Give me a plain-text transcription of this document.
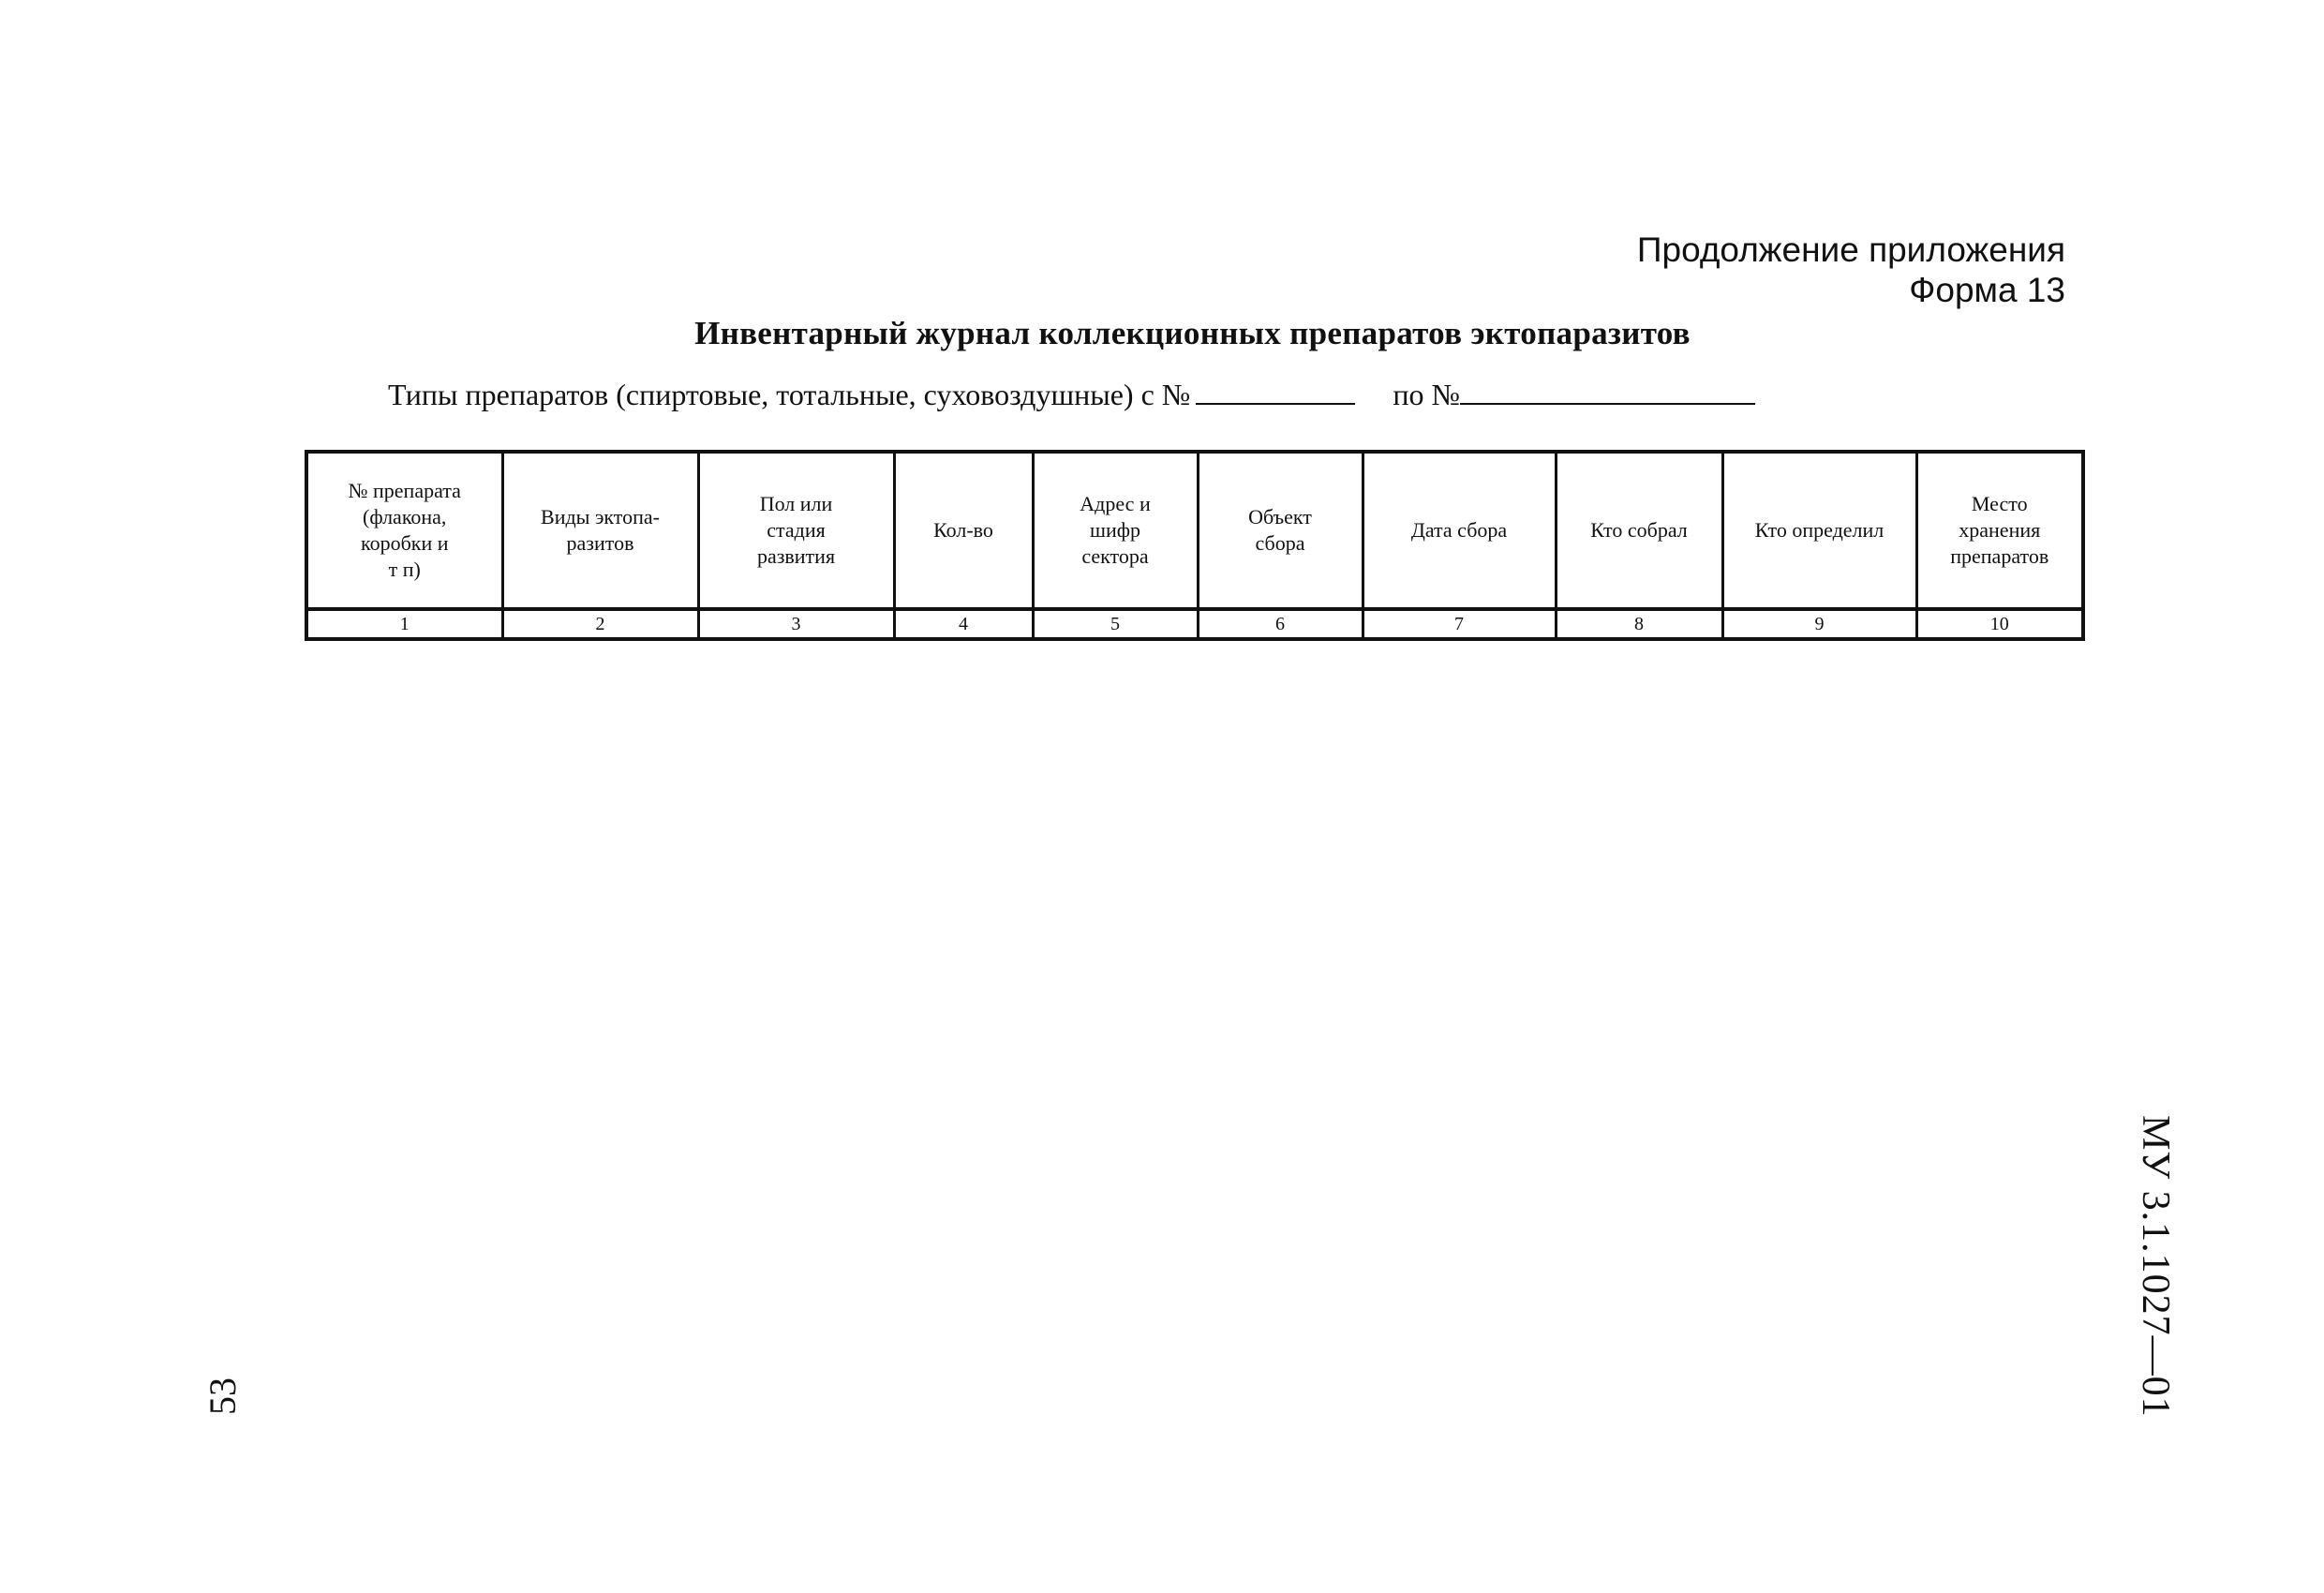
Продолжение приложения
Форма 13
Инвентарный журнал коллекционных препаратов эктопаразитов
Типы препаратов (спиртовые, тотальные, суховоздушные) с №	по №
№ препарата
(флакона,
коробки и
т п)	Виды эктопа-
разитов	Пол или
стадия
развития	Кол-во	Адрес и
шифр
сектора	Объект
сбора	Дата сбора	Кто собрал	Кто определил	Место
хранения
препаратов
1	2	3	4	5	6	7	8	9	10
МУ 3.1.1027—01
53
